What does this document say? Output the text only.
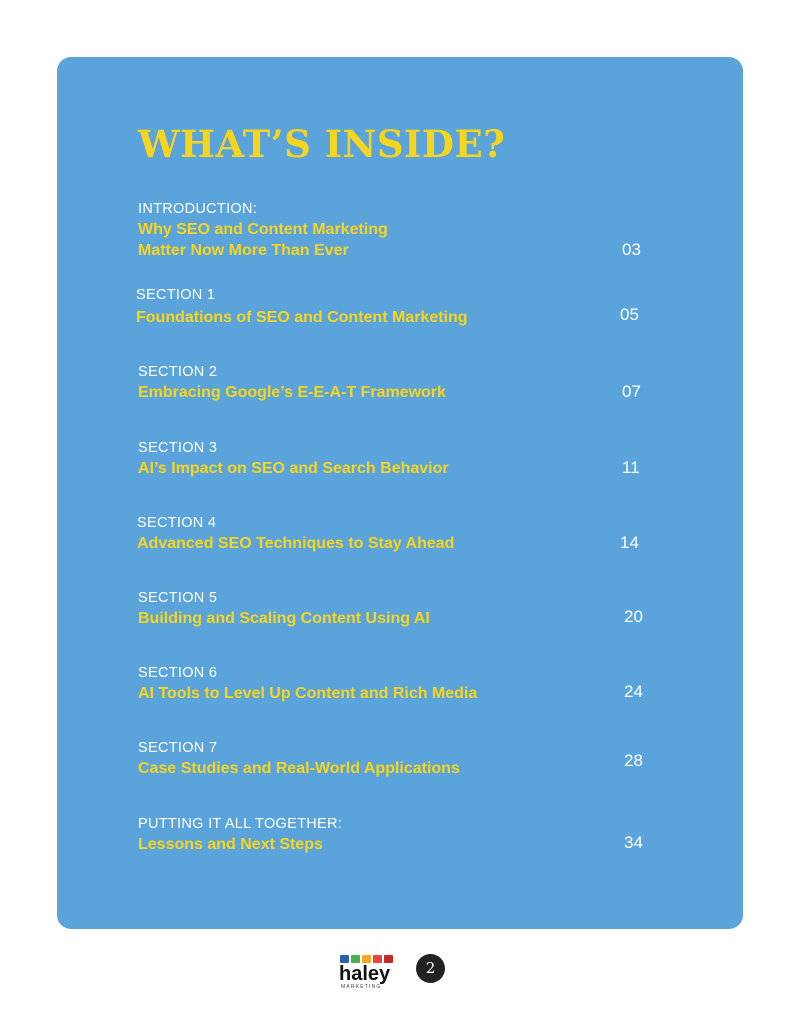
WHAT’S INSIDE?
INTRODUCTION:
Why SEO and Content Marketing
Matter Now More Than Ever	03
SECTION 1
Foundations of SEO and Content Marketing	05
SECTION 2
Embracing Google’s E-E-A-T Framework	07
SECTION 3
AI’s Impact on SEO and Search Behavior	11
SECTION 4
Advanced SEO Techniques to Stay Ahead	14
SECTION 5
Building and Scaling Content Using AI	20
SECTION 6
AI Tools to Level Up Content and Rich Media	24
SECTION 7
Case Studies and Real-World Applications	28
PUTTING IT ALL TOGETHER:
Lessons and Next Steps	34
haley
MARKETING
2
